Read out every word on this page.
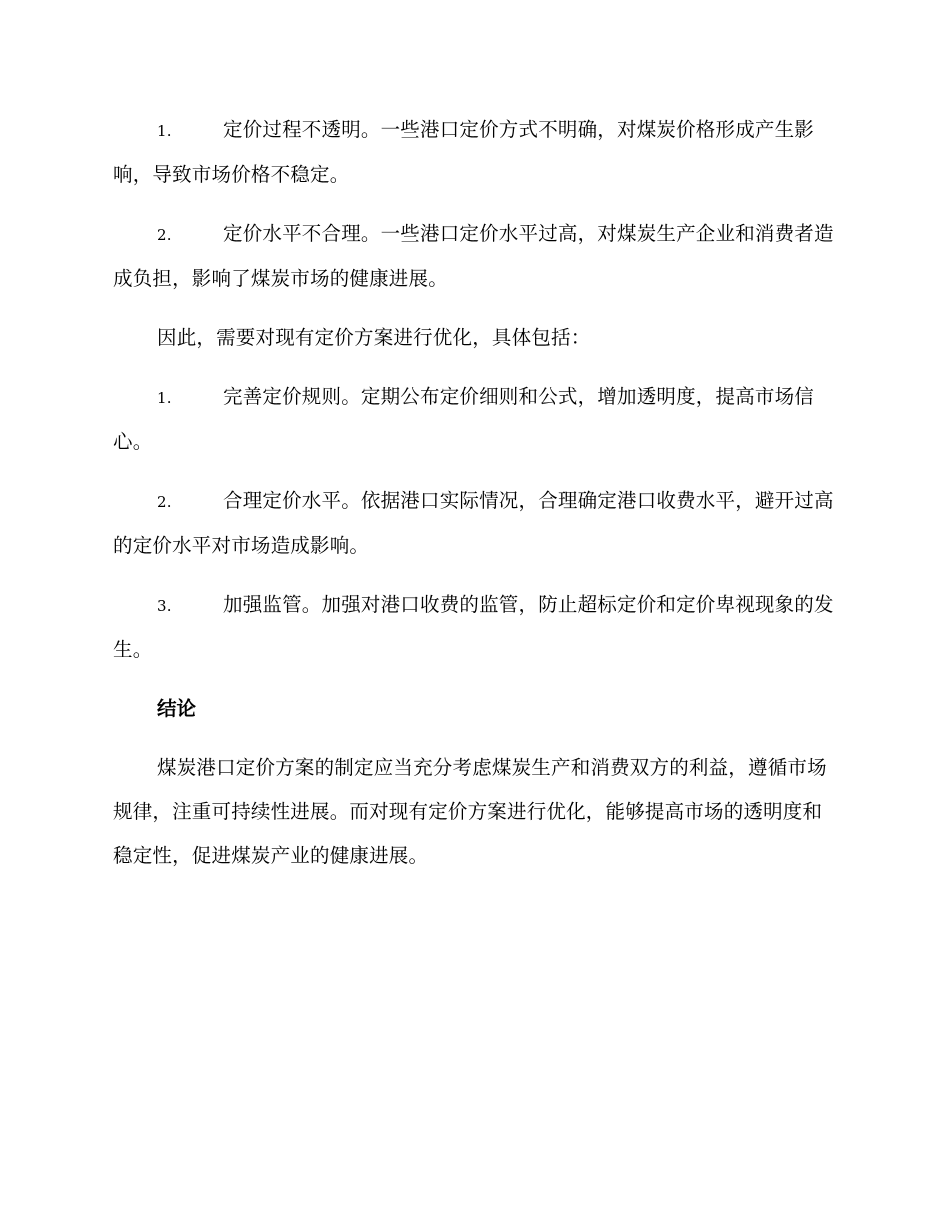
1.	定价过程不透明。一些港口定价方式不明确，对煤炭价格形成产生影响，导致市场价格不稳定。
2.	定价水平不合理。一些港口定价水平过高，对煤炭生产企业和消费者造成负担，影响了煤炭市场的健康进展。

因此，需要对现有定价方案进行优化，具体包括：

1.	完善定价规则。定期公布定价细则和公式，增加透明度，提高市场信心。
2.	合理定价水平。依据港口实际情况，合理确定港口收费水平，避开过高的定价水平对市场造成影响。
3.	加强监管。加强对港口收费的监管，防止超标定价和定价卑视现象的发生。
结论

煤炭港口定价方案的制定应当充分考虑煤炭生产和消费双方的利益，遵循市场规律，注重可持续性进展。而对现有定价方案进行优化，能够提高市场的透明度和稳定性，促进煤炭产业的健康进展。
